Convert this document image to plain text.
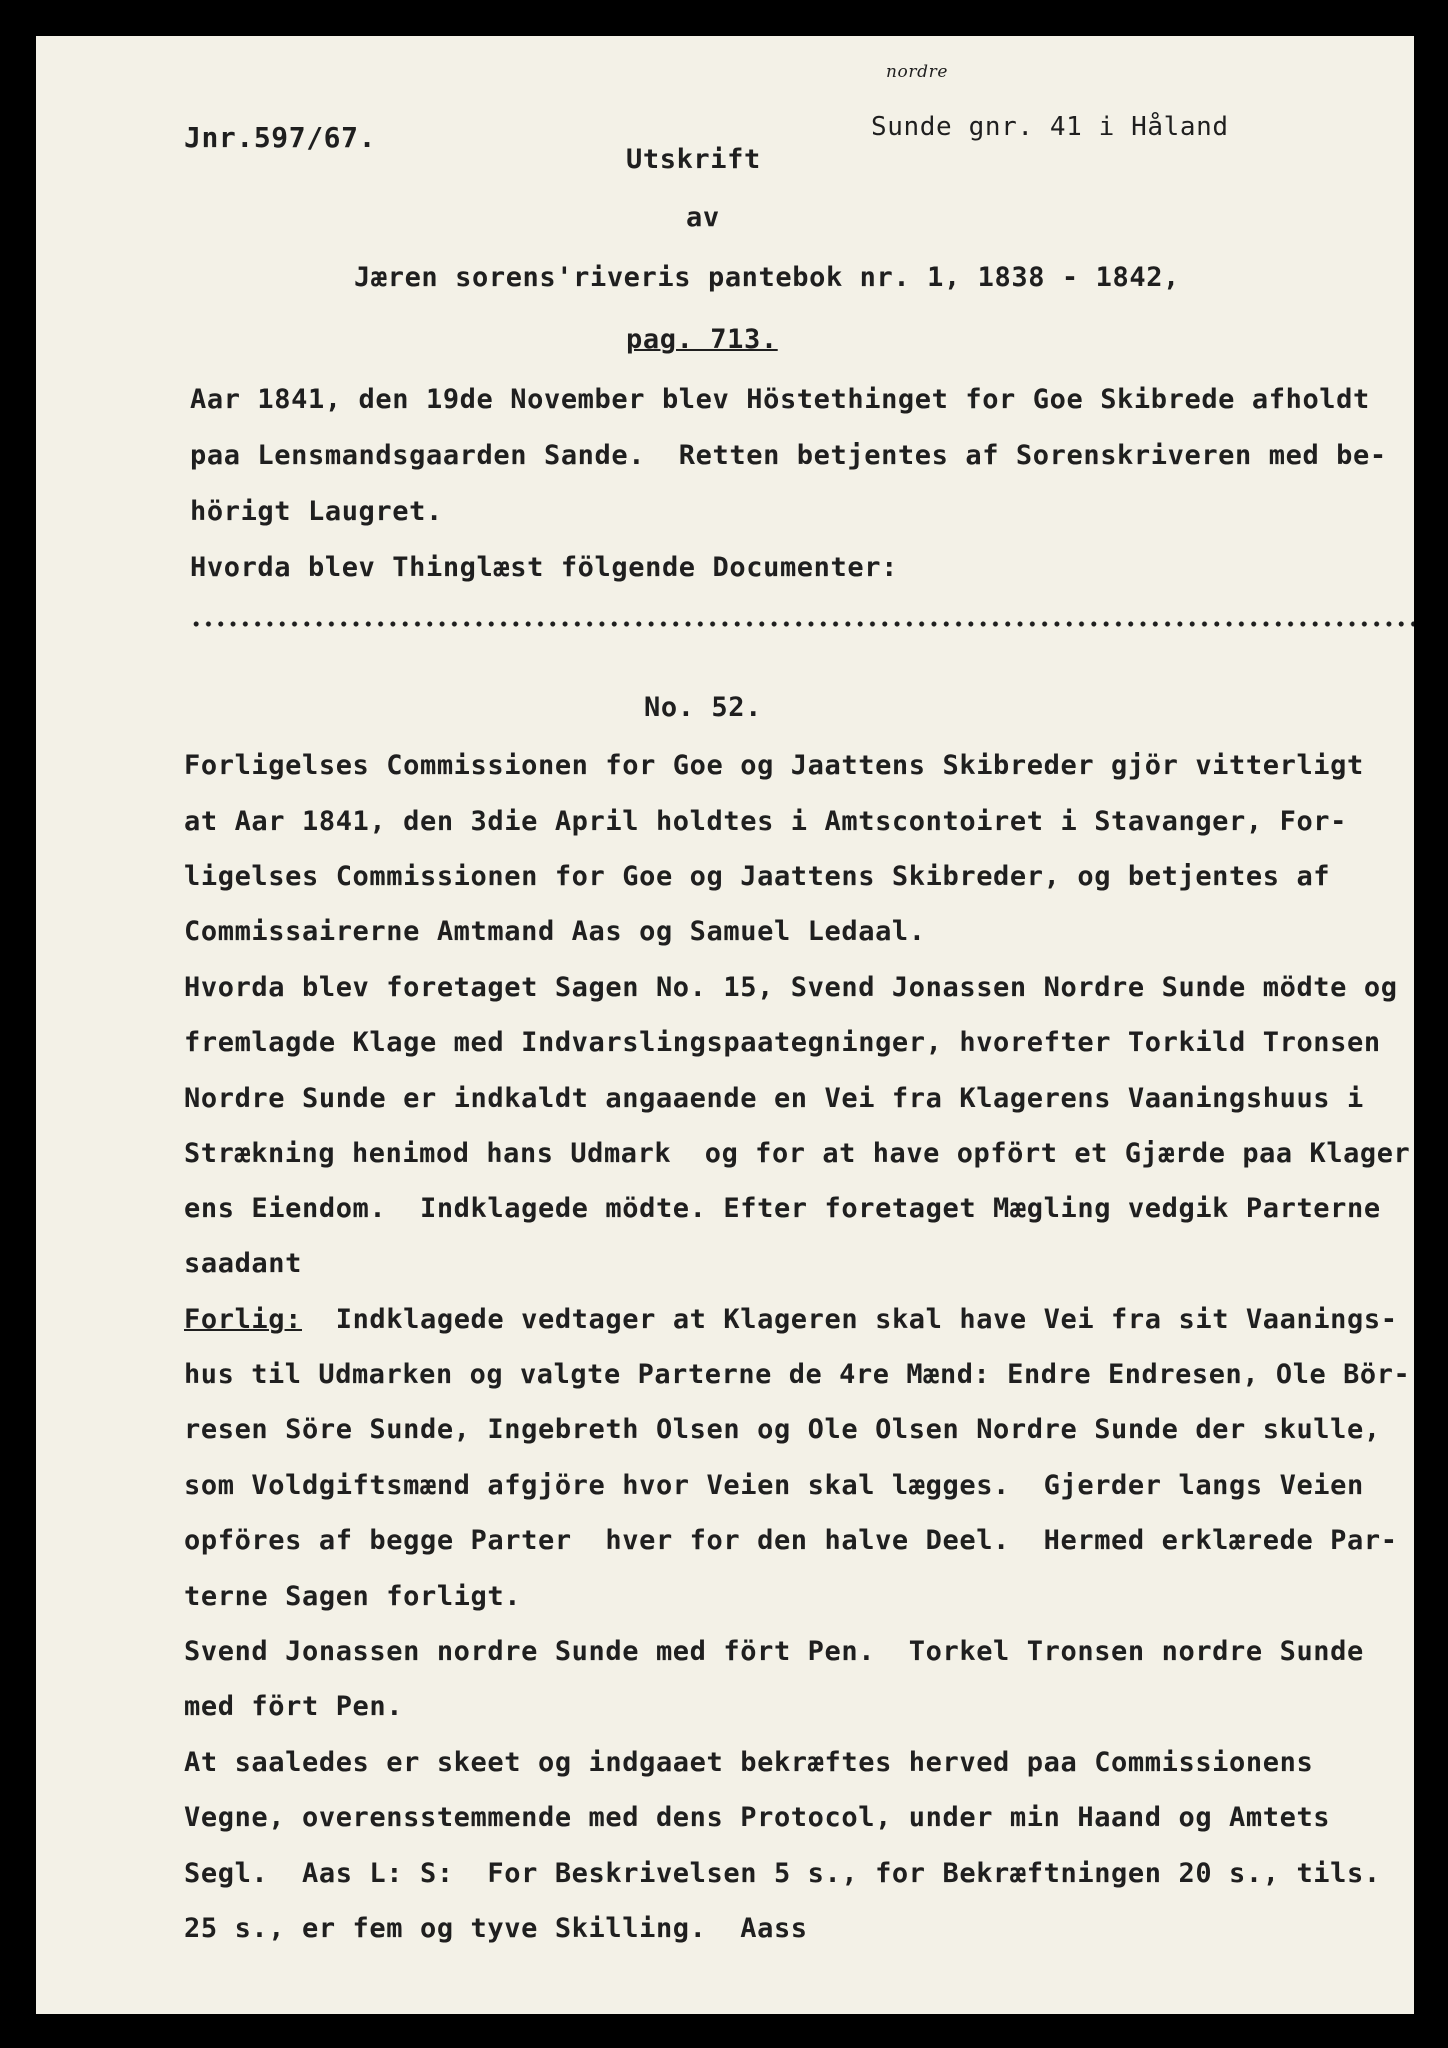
nordre

Sunde gnr. 41 i Håland

Jnr.597/67.
Utskrift
av
Jæren sorens'riveris pantebok nr. 1, 1838 - 1842,
pag. 713.
Aar 1841, den 19de November blev Höstethinget for Goe Skibrede afholdt
paa Lensmandsgaarden Sande.  Retten betjentes af Sorenskriveren med be-
hörigt Laugret.
Hvorda blev Thinglæst fölgende Documenter:
No. 52.
Forligelses Commissionen for Goe og Jaattens Skibreder gjör vitterligt
at Aar 1841, den 3die April holdtes i Amtscontoiret i Stavanger, For-
ligelses Commissionen for Goe og Jaattens Skibreder, og betjentes af
Commissairerne Amtmand Aas og Samuel Ledaal.
Hvorda blev foretaget Sagen No. 15, Svend Jonassen Nordre Sunde mödte og
fremlagde Klage med Indvarslingspaategninger, hvorefter Torkild Tronsen
Nordre Sunde er indkaldt angaaende en Vei fra Klagerens Vaaningshuus i
Strækning henimod hans Udmark  og for at have opfört et Gjærde paa Klager
ens Eiendom.  Indklagede mödte. Efter foretaget Mægling vedgik Parterne
saadant
Forlig:  Indklagede vedtager at Klageren skal have Vei fra sit Vaanings-
hus til Udmarken og valgte Parterne de 4re Mænd: Endre Endresen, Ole Bör-
resen Söre Sunde, Ingebreth Olsen og Ole Olsen Nordre Sunde der skulle,
som Voldgiftsmænd afgjöre hvor Veien skal lægges.  Gjerder langs Veien
opföres af begge Parter  hver for den halve Deel.  Hermed erklærede Par-
terne Sagen forligt.
Svend Jonassen nordre Sunde med fört Pen.  Torkel Tronsen nordre Sunde
med fört Pen.
At saaledes er skeet og indgaaet bekræftes herved paa Commissionens
Vegne, overensstemmende med dens Protocol, under min Haand og Amtets
Segl.  Aas L: S:  For Beskrivelsen 5 s., for Bekræftningen 20 s., tils.
25 s., er fem og tyve Skilling.  Aass
